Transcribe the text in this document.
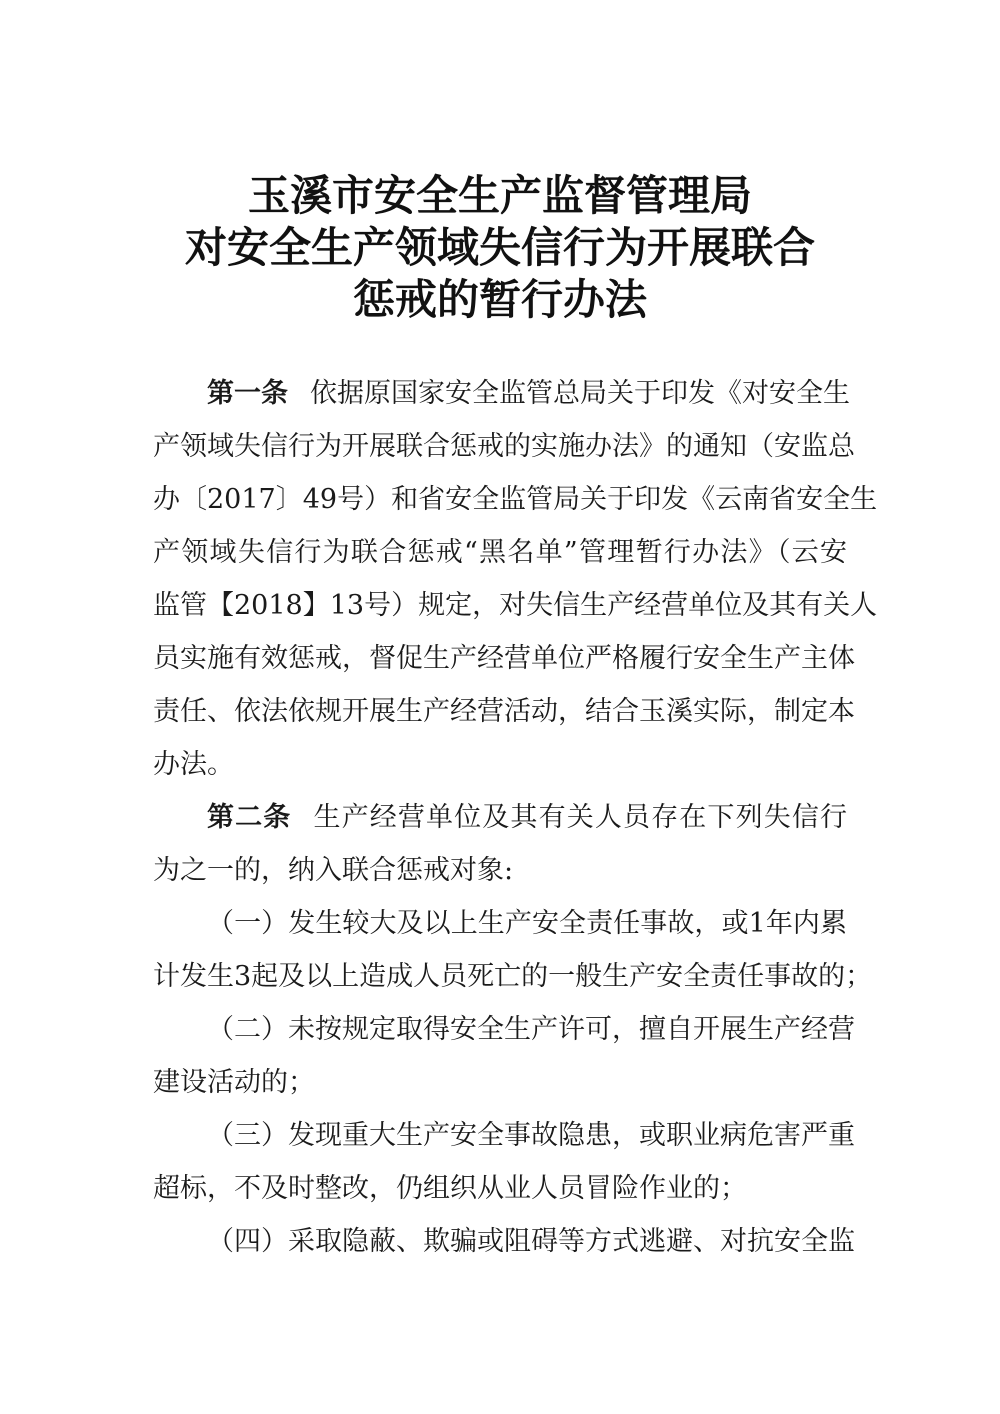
玉溪市安全生产监督管理局
对安全生产领域失信行为开展联合
惩戒的暂行办法
第一条 依据原国家安全监管总局关于印发《对安全生
产领域失信行为开展联合惩戒的实施办法》的通知（安监总
办〔2017〕49号）和省安全监管局关于印发《云南省安全生
产领域失信行为联合惩戒“黑名单”管理暂行办法》（云安
监管【2018】13号）规定，对失信生产经营单位及其有关人
员实施有效惩戒，督促生产经营单位严格履行安全生产主体
责任、依法依规开展生产经营活动，结合玉溪实际，制定本
办法。
第二条 生产经营单位及其有关人员存在下列失信行
为之一的，纳入联合惩戒对象:
（一）发生较大及以上生产安全责任事故，或1年内累
计发生3起及以上造成人员死亡的一般生产安全责任事故的；
（二）未按规定取得安全生产许可，擅自开展生产经营
建设活动的；
（三）发现重大生产安全事故隐患，或职业病危害严重
超标，不及时整改，仍组织从业人员冒险作业的；
（四）采取隐蔽、欺骗或阻碍等方式逃避、对抗安全监
